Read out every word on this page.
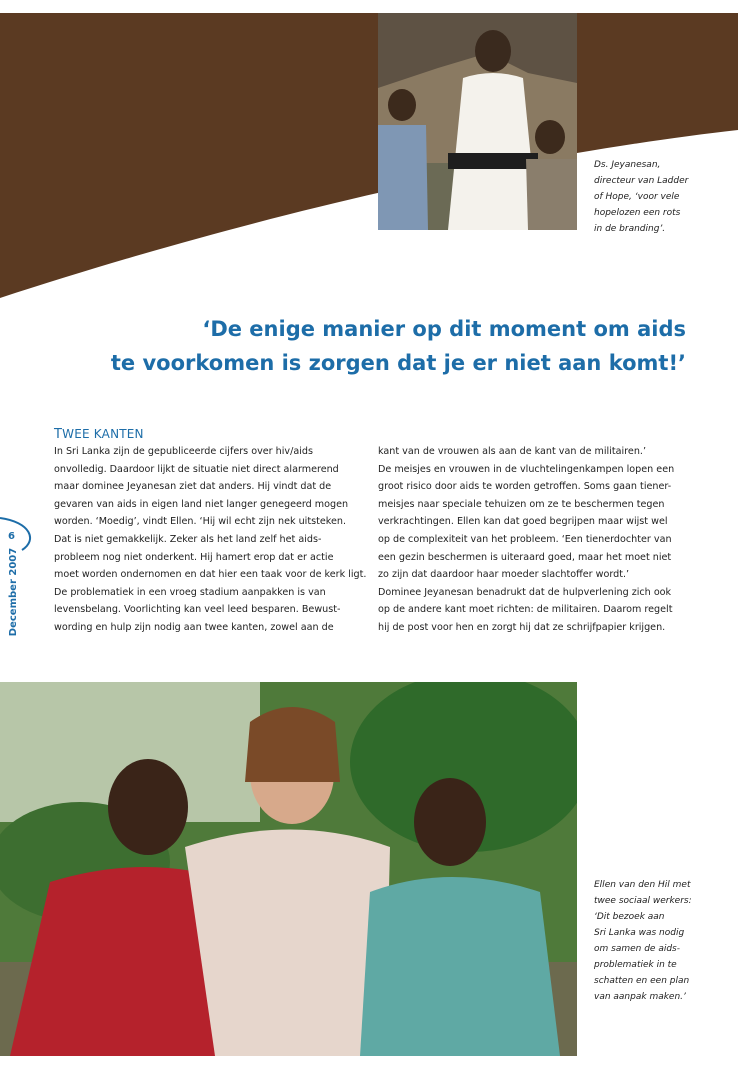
Ds. Jeyanesan,
directeur van Ladder
of Hope, ‘voor vele
hopelozen een rots
in de branding’.
‘De enige manier op dit moment om aids
te voorkomen is zorgen dat je er niet aan komt!’
TWEE KANTEN
In Sri Lanka zijn de gepubliceerde cijfers over hiv/aids
onvolledig. Daardoor lijkt de situatie niet direct alarmerend
maar dominee Jeyanesan ziet dat anders. Hij vindt dat de
gevaren van aids in eigen land niet langer genegeerd mogen
worden. ‘Moedig’, vindt Ellen. ‘Hij wil echt zijn nek uitsteken.
Dat is niet gemakkelijk. Zeker als het land zelf het aids-
probleem nog niet onderkent. Hij hamert erop dat er actie
moet worden ondernomen en dat hier een taak voor de kerk ligt.
De problematiek in een vroeg stadium aanpakken is van
levensbelang. Voorlichting kan veel leed besparen. Bewust-
wording en hulp zijn nodig aan twee kanten, zowel aan de
kant van de vrouwen als aan de kant van de militairen.’
De meisjes en vrouwen in de vluchtelingenkampen lopen een
groot risico door aids te worden getroffen. Soms gaan tiener-
meisjes naar speciale tehuizen om ze te beschermen tegen
verkrachtingen. Ellen kan dat goed begrijpen maar wijst wel
op de complexiteit van het probleem. ‘Een tienerdochter van
een gezin beschermen is uiteraard goed, maar het moet niet
zo zijn dat daardoor haar moeder slachtoffer wordt.’
Dominee Jeyanesan benadrukt dat de hulpverlening zich ook
op de andere kant moet richten: de militairen. Daarom regelt
hij de post voor hen en zorgt hij dat ze schrijfpapier krijgen.
6
December 2007
Ellen van den Hil met
twee sociaal werkers:
‘Dit bezoek aan
Sri Lanka was nodig
om samen de aids-
problematiek in te
schatten en een plan
van aanpak maken.’
